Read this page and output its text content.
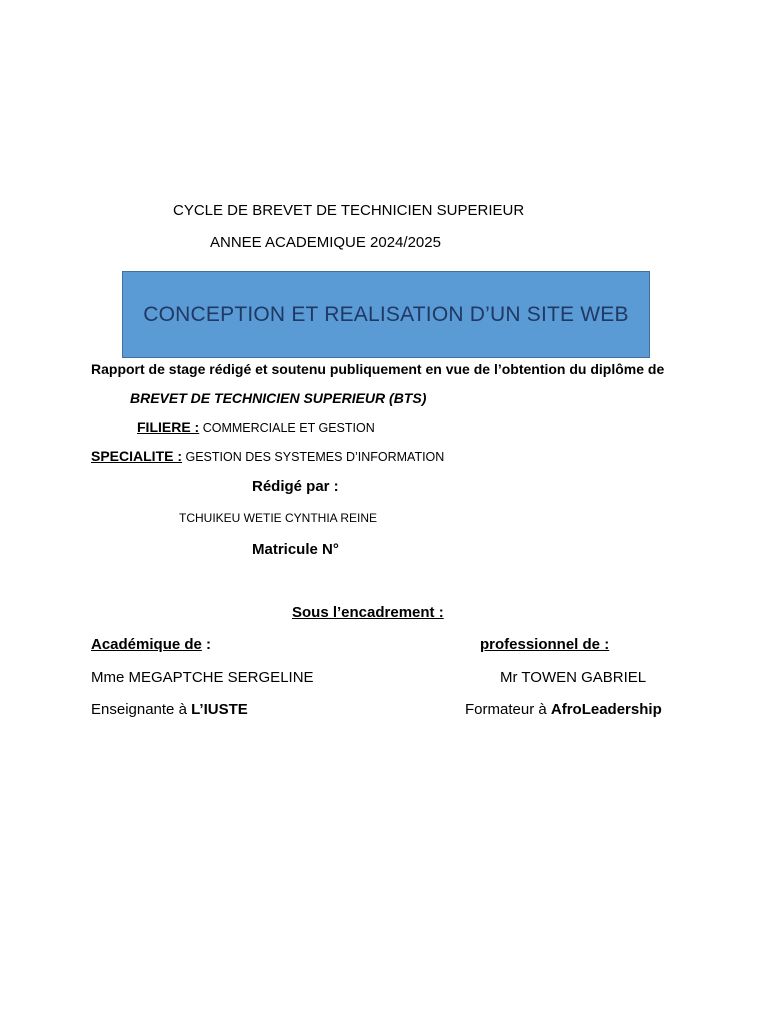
CYCLE DE BREVET DE TECHNICIEN SUPERIEUR
ANNEE ACADEMIQUE 2024/2025
CONCEPTION ET REALISATION D’UN SITE WEB
Rapport de stage rédigé et soutenu publiquement en vue de l’obtention du diplôme de
BREVET DE TECHNICIEN SUPERIEUR (BTS)
FILIERE : COMMERCIALE ET GESTION
SPECIALITE : GESTION DES SYSTEMES D’INFORMATION
Rédigé par :
TCHUIKEU WETIE CYNTHIA REINE
Matricule N°
Sous l’encadrement :
Académique de :	professionnel de :
Mme MEGAPTCHE SERGELINE	Mr TOWEN GABRIEL
Enseignante à L’IUSTE	Formateur à AfroLeadership
